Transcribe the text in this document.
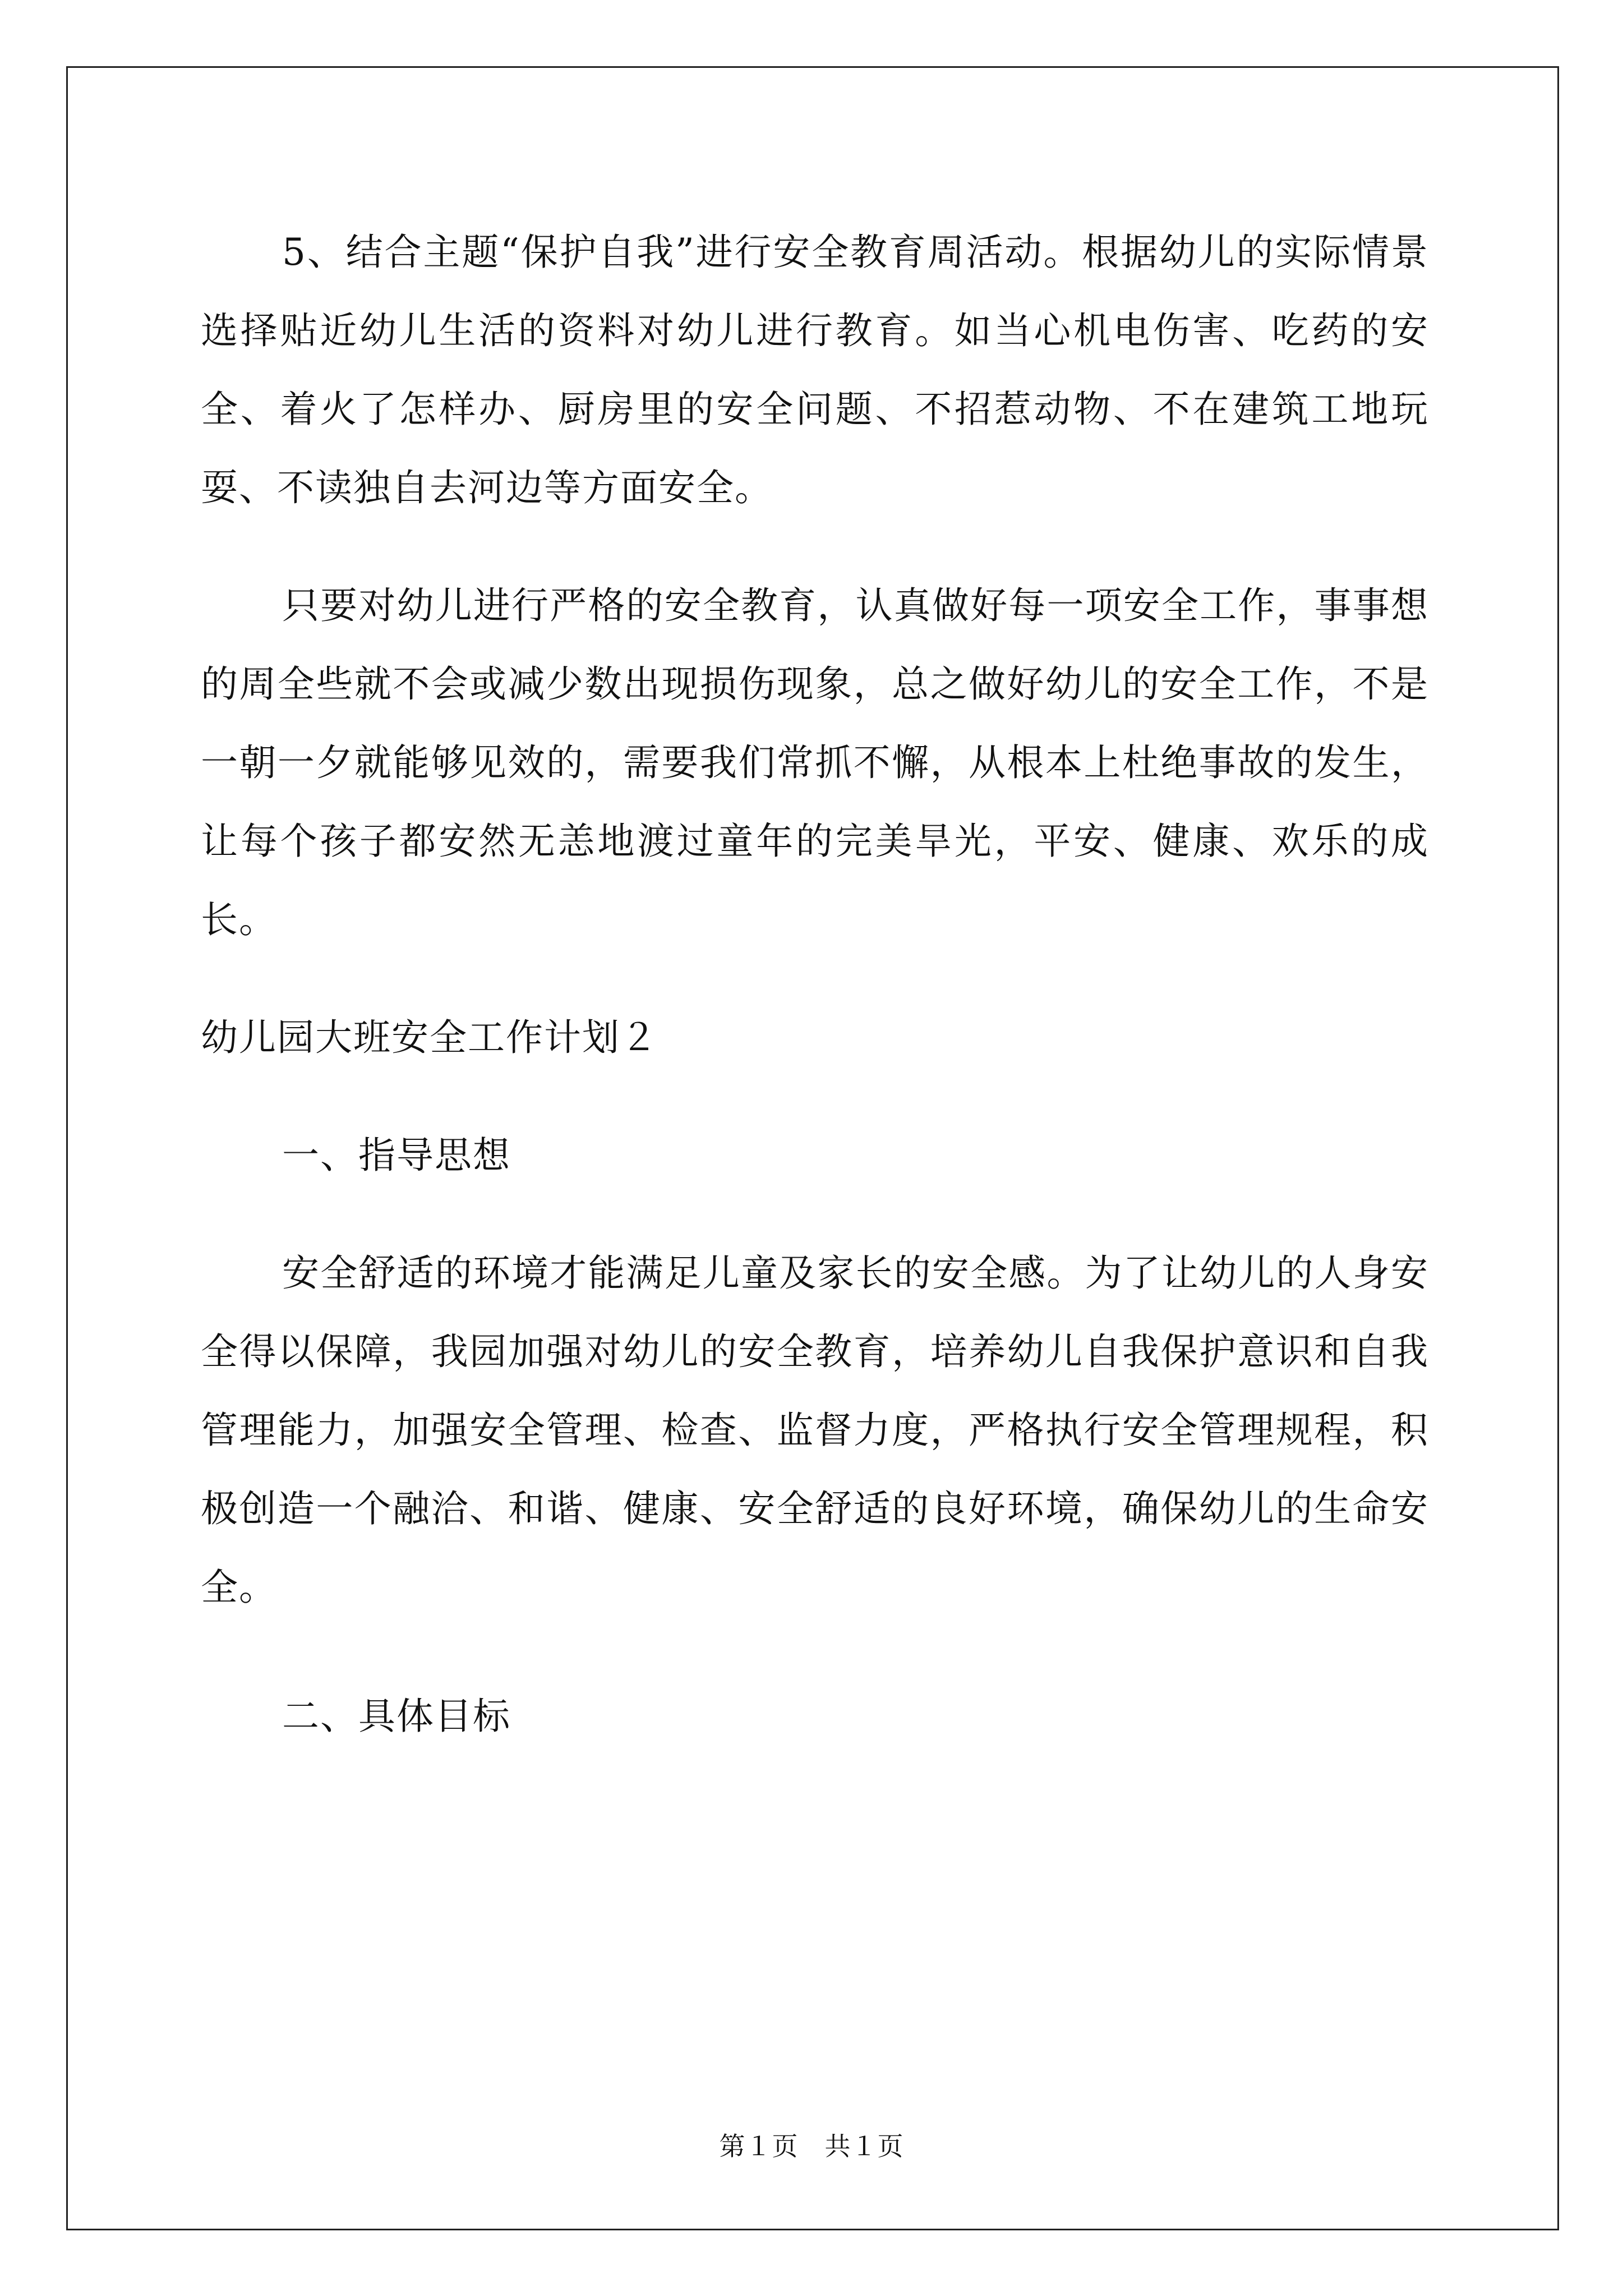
5、结合主题“保护自我”进行安全教育周活动。根据幼儿的实际情景选择贴近幼儿生活的资料对幼儿进行教育。如当心机电伤害、吃药的安全、着火了怎样办、厨房里的安全问题、不招惹动物、不在建筑工地玩耍、不读独自去河边等方面安全。

只要对幼儿进行严格的安全教育，认真做好每一项安全工作，事事想的周全些就不会或减少数出现损伤现象，总之做好幼儿的安全工作，不是一朝一夕就能够见效的，需要我们常抓不懈，从根本上杜绝事故的发生，让每个孩子都安然无恙地渡过童年的完美旱光，平安、健康、欢乐的成长。

幼儿园大班安全工作计划２

一、指导思想

安全舒适的环境才能满足儿童及家长的安全感。为了让幼儿的人身安全得以保障，我园加强对幼儿的安全教育，培养幼儿自我保护意识和自我管理能力，加强安全管理、检查、监督力度，严格执行安全管理规程，积极创造一个融洽、和谐、健康、安全舒适的良好环境，确保幼儿的生命安全。

二、具体目标

第１页　共１页
